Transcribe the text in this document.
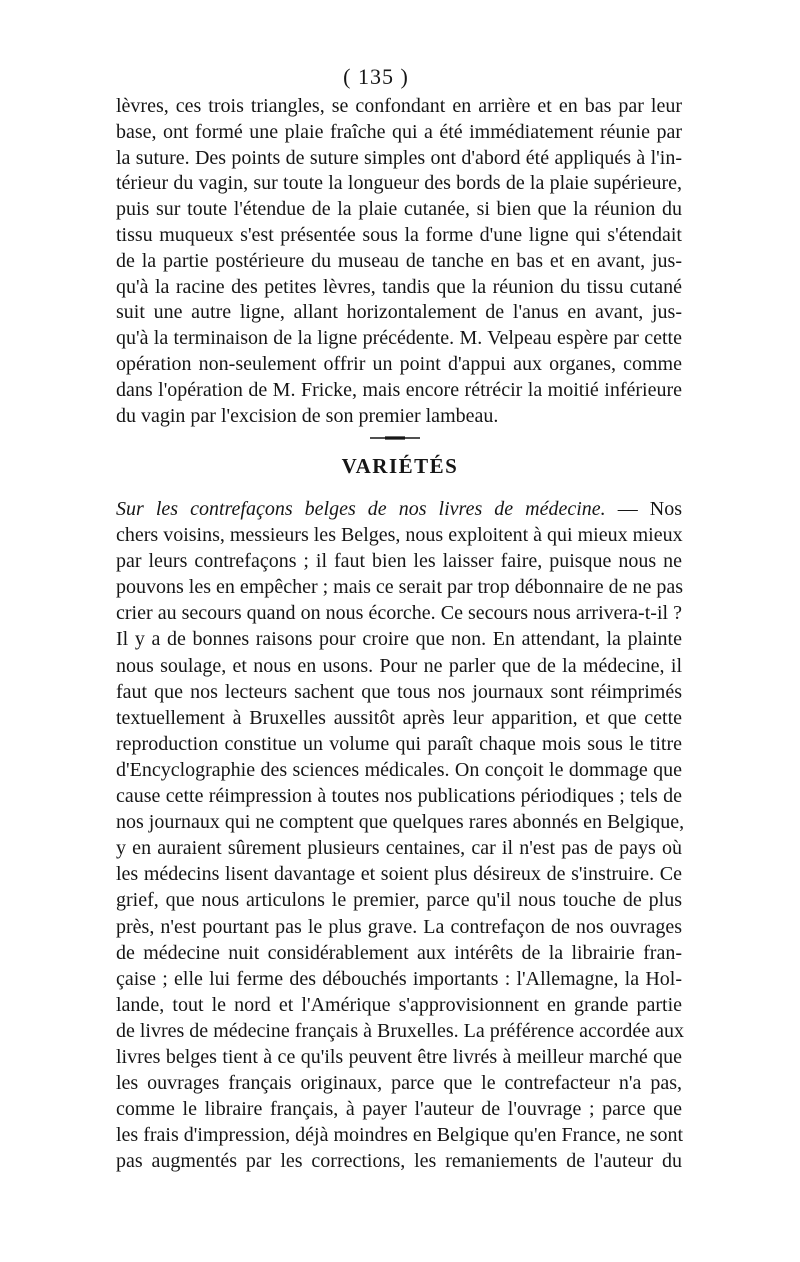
( 135 )
lèvres, ces trois triangles, se confondant en arrière et en bas par leur
base, ont formé une plaie fraîche qui a été immédiatement réunie par
la suture. Des points de suture simples ont d'abord été appliqués à l'in-
térieur du vagin, sur toute la longueur des bords de la plaie supérieure,
puis sur toute l'étendue de la plaie cutanée, si bien que la réunion du
tissu muqueux s'est présentée sous la forme d'une ligne qui s'étendait
de la partie postérieure du museau de tanche en bas et en avant, jus-
qu'à la racine des petites lèvres, tandis que la réunion du tissu cutané
suit une autre ligne, allant horizontalement de l'anus en avant, jus-
qu'à la terminaison de la ligne précédente. M. Velpeau espère par cette
opération non-seulement offrir un point d'appui aux organes, comme
dans l'opération de M. Fricke, mais encore rétrécir la moitié inférieure
du vagin par l'excision de son premier lambeau.
VARIÉTÉS
Sur les contrefaçons belges de nos livres de médecine. — Nos
chers voisins, messieurs les Belges, nous exploitent à qui mieux mieux
par leurs contrefaçons ; il faut bien les laisser faire, puisque nous ne
pouvons les en empêcher ; mais ce serait par trop débonnaire de ne pas
crier au secours quand on nous écorche. Ce secours nous arrivera-t-il ?
Il y a de bonnes raisons pour croire que non. En attendant, la plainte
nous soulage, et nous en usons. Pour ne parler que de la médecine, il
faut que nos lecteurs sachent que tous nos journaux sont réimprimés
textuellement à Bruxelles aussitôt après leur apparition, et que cette
reproduction constitue un volume qui paraît chaque mois sous le titre
d'Encyclographie des sciences médicales. On conçoit le dommage que
cause cette réimpression à toutes nos publications périodiques ; tels de
nos journaux qui ne comptent que quelques rares abonnés en Belgique,
y en auraient sûrement plusieurs centaines, car il n'est pas de pays où
les médecins lisent davantage et soient plus désireux de s'instruire. Ce
grief, que nous articulons le premier, parce qu'il nous touche de plus
près, n'est pourtant pas le plus grave. La contrefaçon de nos ouvrages
de médecine nuit considérablement aux intérêts de la librairie fran-
çaise ; elle lui ferme des débouchés importants : l'Allemagne, la Hol-
lande, tout le nord et l'Amérique s'approvisionnent en grande partie
de livres de médecine français à Bruxelles. La préférence accordée aux
livres belges tient à ce qu'ils peuvent être livrés à meilleur marché que
les ouvrages français originaux, parce que le contrefacteur n'a pas,
comme le libraire français, à payer l'auteur de l'ouvrage ; parce que
les frais d'impression, déjà moindres en Belgique qu'en France, ne sont
pas augmentés par les corrections, les remaniements de l'auteur du
